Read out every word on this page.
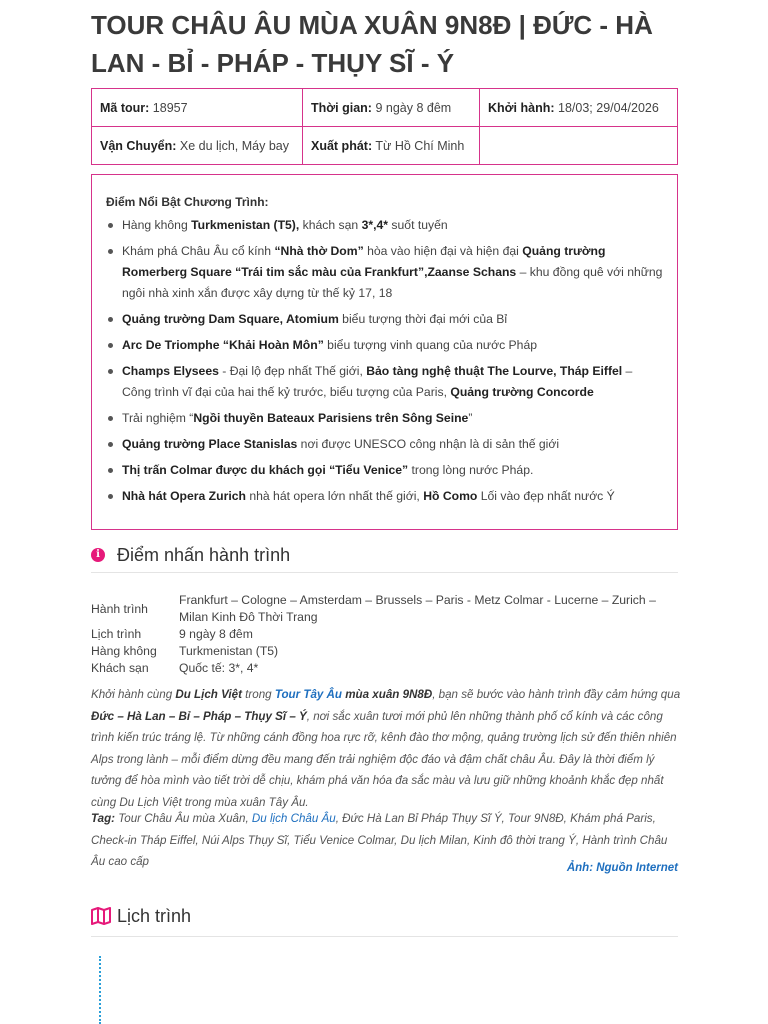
TOUR CHÂU ÂU MÙA XUÂN 9N8Đ | ĐỨC - HÀ LAN - BỈ - PHÁP - THỤY SĨ - Ý
Mã tour: 18957	Thời gian: 9 ngày 8 đêm	Khởi hành: 18/03; 29/04/2026
Vận Chuyển: Xe du lịch, Máy bay	Xuất phát: Từ Hồ Chí Minh	

Điểm Nổi Bật Chương Trình:

Hàng không Turkmenistan (T5), khách sạn 3*,4* suốt tuyến
Khám phá Châu Âu cổ kính “Nhà thờ Dom” hòa vào hiện đại và hiện đại Quảng trường Romerberg Square “Trái tim sắc màu của Frankfurt”,Zaanse Schans – khu đồng quê với những ngôi nhà xinh xắn được xây dựng từ thế kỷ 17, 18
Quảng trường Dam Square, Atomium biểu tượng thời đại mới của Bỉ
Arc De Triomphe “Khải Hoàn Môn” biểu tượng vinh quang của nước Pháp
Champs Elysees - Đại lộ đẹp nhất Thế giới, Bảo tàng nghệ thuật The Lourve, Tháp Eiffel – Công trình vĩ đại của hai thế kỷ trước, biểu tượng của Paris, Quảng trường Concorde
Trải nghiệm “Ngồi thuyền Bateaux Parisiens trên Sông Seine”
Quảng trường Place Stanislas nơi được UNESCO công nhận là di sản thế giới
Thị trấn Colmar được du khách gọi “Tiểu Venice” trong lòng nước Pháp.
Nhà hát Opera Zurich nhà hát opera lớn nhất thế giới, Hồ Como Lối vào đẹp nhất nước Ý
i Điểm nhấn hành trình
Hành trình	Frankfurt – Cologne – Amsterdam – Brussels – Paris - Metz Colmar - Lucerne – Zurich – Milan Kinh Đô Thời Trang
Lịch trình	9 ngày 8 đêm
Hàng không	Turkmenistan (T5)
Khách sạn	Quốc tế: 3*, 4*

Khởi hành cùng Du Lịch Việt trong Tour Tây Âu mùa xuân 9N8Đ, bạn sẽ bước vào hành trình đầy cảm hứng qua Đức – Hà Lan – Bỉ – Pháp – Thụy Sĩ – Ý, nơi sắc xuân tươi mới phủ lên những thành phố cổ kính và các công trình kiến trúc tráng lệ. Từ những cánh đồng hoa rực rỡ, kênh đào thơ mộng, quảng trường lịch sử đến thiên nhiên Alps trong lành – mỗi điểm dừng đều mang đến trải nghiệm độc đáo và đậm chất châu Âu. Đây là thời điểm lý tưởng để hòa mình vào tiết trời dễ chịu, khám phá văn hóa đa sắc màu và lưu giữ những khoảnh khắc đẹp nhất cùng Du Lịch Việt trong mùa xuân Tây Âu.

Tag: Tour Châu Âu mùa Xuân, Du lịch Châu Âu, Đức Hà Lan Bỉ Pháp Thụy Sĩ Ý, Tour 9N8Đ, Khám phá Paris, Check-in Tháp Eiffel, Núi Alps Thụy Sĩ, Tiểu Venice Colmar, Du lịch Milan, Kinh đô thời trang Ý, Hành trình Châu Âu cao cấp	Ảnh: Nguồn Internet
Lịch trình
